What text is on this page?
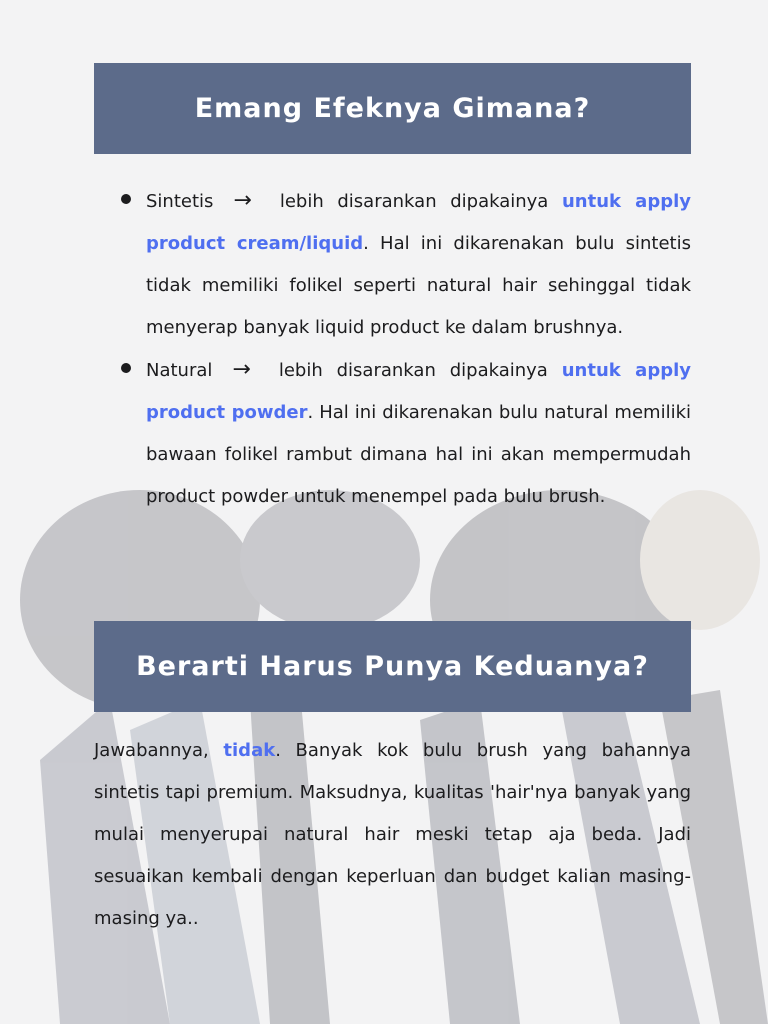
Emang Efeknya Gimana?

Sintetis → lebih disarankan dipakainya untuk apply product cream/liquid. Hal ini dikarenakan bulu sintetis tidak memiliki folikel seperti natural hair sehinggal tidak menyerap banyak liquid product ke dalam brushnya.

Natural → lebih disarankan dipakainya untuk apply product powder. Hal ini dikarenakan bulu natural memiliki bawaan folikel rambut dimana hal ini akan mempermudah product powder untuk menempel pada bulu brush.

Berarti Harus Punya Keduanya?

Jawabannya, tidak. Banyak kok bulu brush yang bahannya sintetis tapi premium. Maksudnya, kualitas 'hair'nya banyak yang mulai menyerupai natural hair meski tetap aja beda. Jadi sesuaikan kembali dengan keperluan dan budget kalian masing-masing ya..
